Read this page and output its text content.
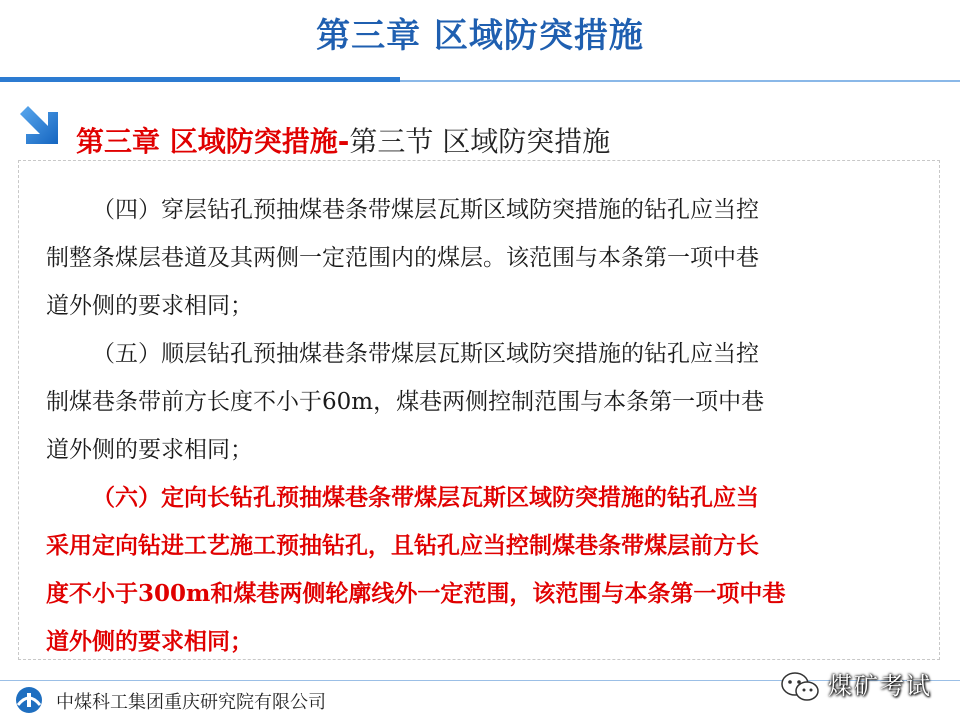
第三章 区域防突措施
第三章 区域防突措施-第三节 区域防突措施
（四）穿层钻孔预抽煤巷条带煤层瓦斯区域防突措施的钻孔应当控
制整条煤层巷道及其两侧一定范围内的煤层。该范围与本条第一项中巷
道外侧的要求相同；
（五）顺层钻孔预抽煤巷条带煤层瓦斯区域防突措施的钻孔应当控
制煤巷条带前方长度不小于60m，煤巷两侧控制范围与本条第一项中巷
道外侧的要求相同；
（六）定向长钻孔预抽煤巷条带煤层瓦斯区域防突措施的钻孔应当
采用定向钻进工艺施工预抽钻孔，且钻孔应当控制煤巷条带煤层前方长
度不小于300m和煤巷两侧轮廓线外一定范围，该范围与本条第一项中巷
道外侧的要求相同；
中煤科工集团重庆研究院有限公司
煤矿考试
